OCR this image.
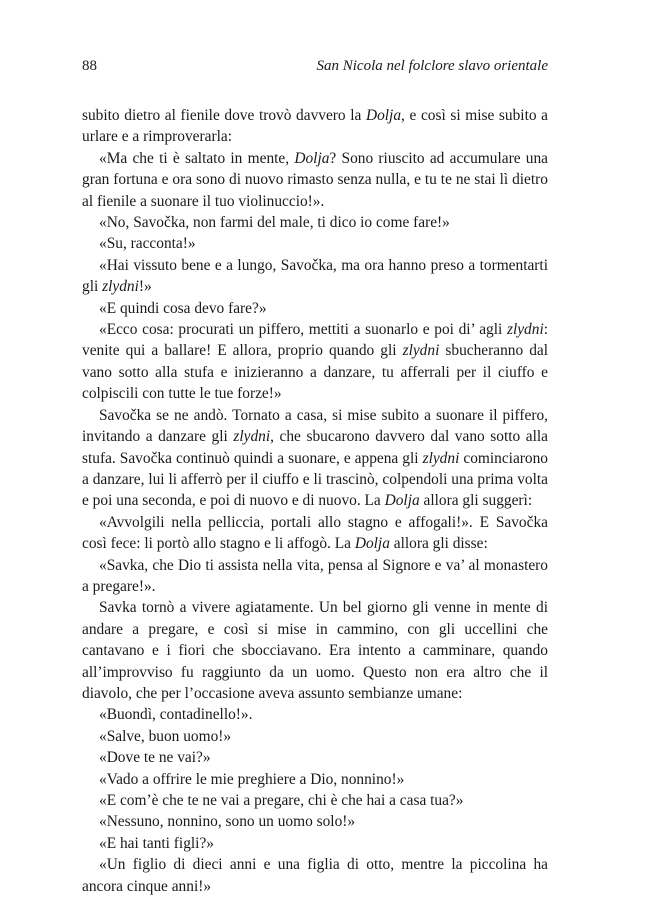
88	San Nicola nel folclore slavo orientale

subito dietro al fienile dove trovò davvero la Dolja, e così si mise subito a urlare e a rimproverarla:

«Ma che ti è saltato in mente, Dolja? Sono riuscito ad accumulare una gran fortuna e ora sono di nuovo rimasto senza nulla, e tu te ne stai lì dietro al fienile a suonare il tuo violinuccio!».

«No, Savočka, non farmi del male, ti dico io come fare!»

«Su, racconta!»

«Hai vissuto bene e a lungo, Savočka, ma ora hanno preso a tormentarti gli zlydni!»

«E quindi cosa devo fare?»

«Ecco cosa: procurati un piffero, mettiti a suonarlo e poi di’ agli zlydni: venite qui a ballare! E allora, proprio quando gli zlydni sbucheranno dal vano sotto alla stufa e inizieranno a danzare, tu afferrali per il ciuffo e colpiscili con tutte le tue forze!»

Savočka se ne andò. Tornato a casa, si mise subito a suonare il piffero, invitando a danzare gli zlydni, che sbucarono davvero dal vano sotto alla stufa. Savočka continuò quindi a suonare, e appena gli zlydni cominciarono a danzare, lui li afferrò per il ciuffo e li trascinò, colpendoli una prima volta e poi una seconda, e poi di nuovo e di nuovo. La Dolja allora gli suggerì:

«Avvolgili nella pelliccia, portali allo stagno e affogali!». E Savočka così fece: li portò allo stagno e li affogò. La Dolja allora gli disse:

«Savka, che Dio ti assista nella vita, pensa al Signore e va’ al monastero a pregare!».

Savka tornò a vivere agiatamente. Un bel giorno gli venne in mente di andare a pregare, e così si mise in cammino, con gli uccellini che cantavano e i fiori che sbocciavano. Era intento a camminare, quando all’improvviso fu raggiunto da un uomo. Questo non era altro che il diavolo, che per l’occasione aveva assunto sembianze umane:

«Buondì, contadinello!».

«Salve, buon uomo!»

«Dove te ne vai?»

«Vado a offrire le mie preghiere a Dio, nonnino!»

«E com’è che te ne vai a pregare, chi è che hai a casa tua?»

«Nessuno, nonnino, sono un uomo solo!»

«E hai tanti figli?»

«Un figlio di dieci anni e una figlia di otto, mentre la piccolina ha ancora cinque anni!»
